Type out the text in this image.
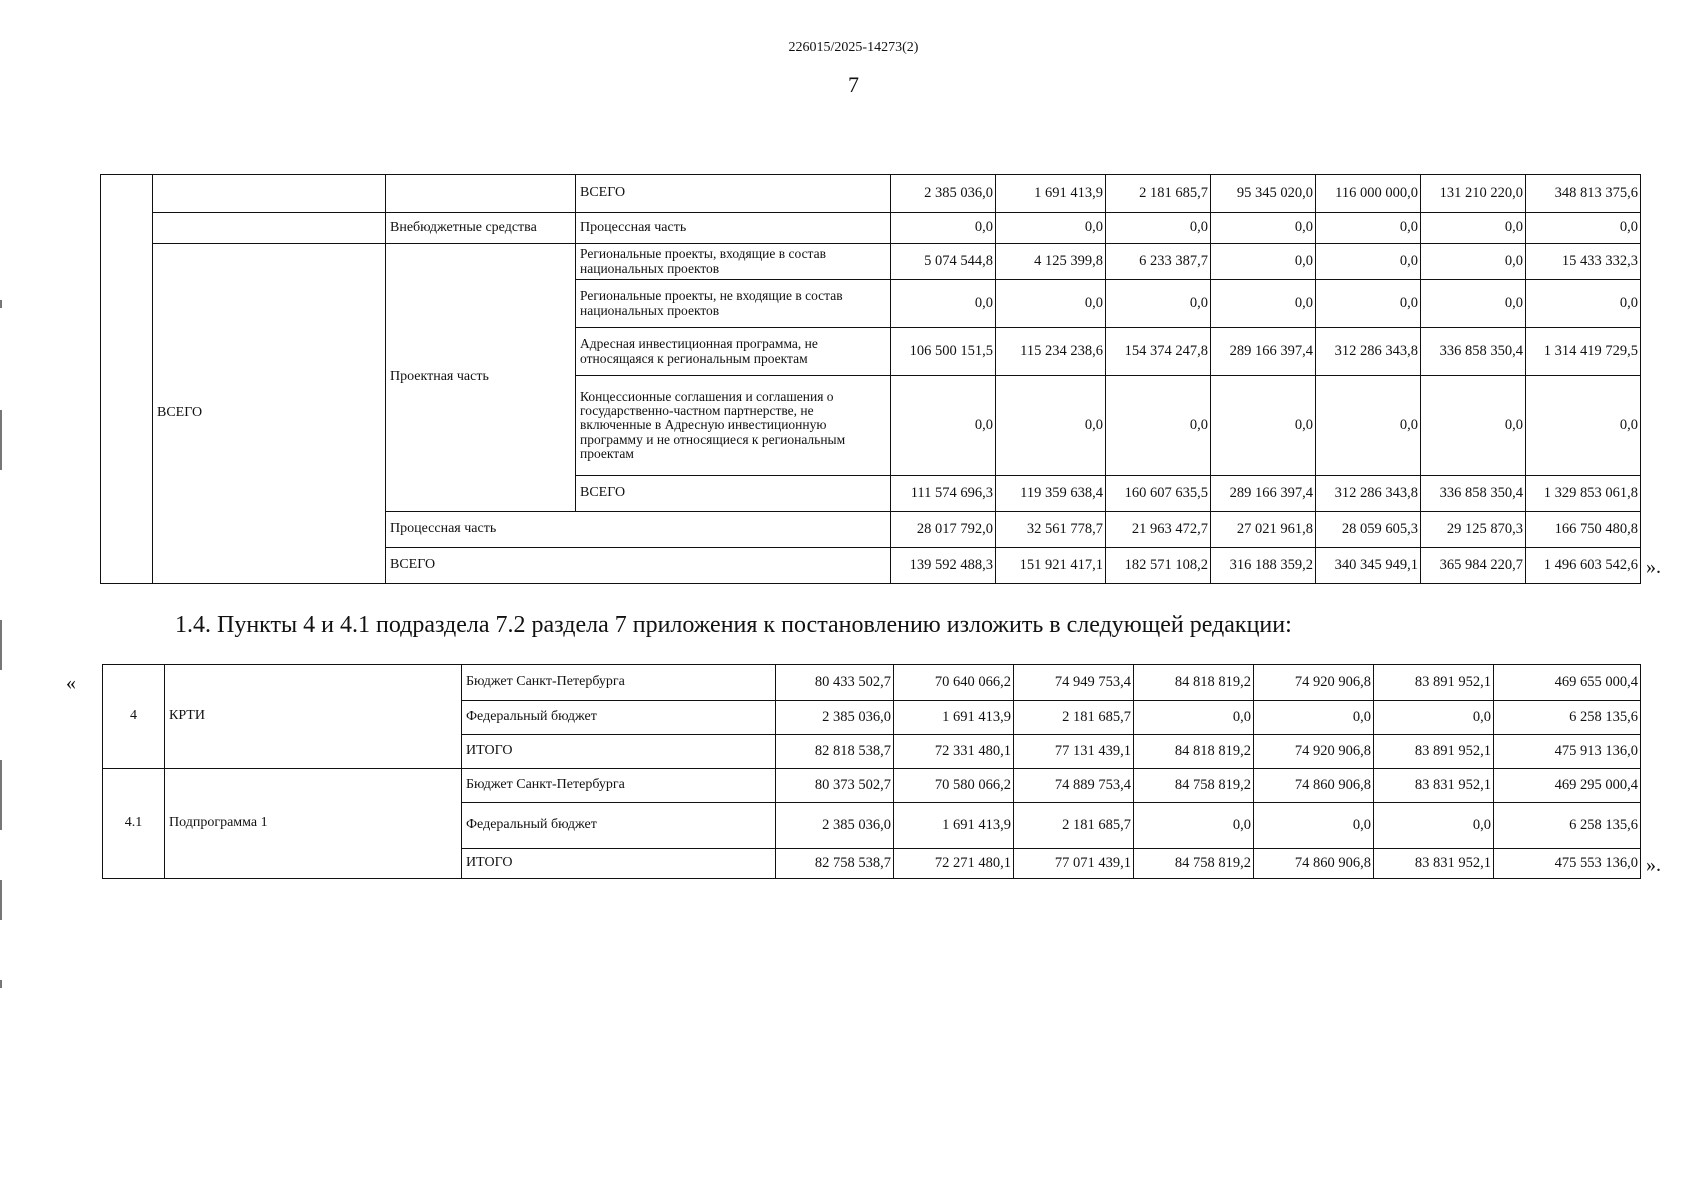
226015/2025-14273(2)
7
			ВСЕГО	2 385 036,0	1 691 413,9	2 181 685,7	95 345 020,0	116 000 000,0	131 210 220,0	348 813 375,6
		Внебюджетные средства	Процессная часть	0,0	0,0	0,0	0,0	0,0	0,0	0,0
	ВСЕГО	Проектная часть	Региональные проекты, входящие в состав национальных проектов	5 074 544,8	4 125 399,8	6 233 387,7	0,0	0,0	0,0	15 433 332,3
			Региональные проекты, не входящие в состав национальных проектов	0,0	0,0	0,0	0,0	0,0	0,0	0,0
			Адресная инвестиционная программа, не относящаяся к региональным проектам	106 500 151,5	115 234 238,6	154 374 247,8	289 166 397,4	312 286 343,8	336 858 350,4	1 314 419 729,5
			Концессионные соглашения и соглашения о государственно-частном партнерстве, не включенные в Адресную инвестиционную программу и не относящиеся к региональным проектам	0,0	0,0	0,0	0,0	0,0	0,0	0,0
			ВСЕГО	111 574 696,3	119 359 638,4	160 607 635,5	289 166 397,4	312 286 343,8	336 858 350,4	1 329 853 061,8
		Процессная часть		28 017 792,0	32 561 778,7	21 963 472,7	27 021 961,8	28 059 605,3	29 125 870,3	166 750 480,8
		ВСЕГО		139 592 488,3	151 921 417,1	182 571 108,2	316 188 359,2	340 345 949,1	365 984 220,7	1 496 603 542,6 ».
1.4. Пункты 4 и 4.1 подраздела 7.2 раздела 7 приложения к постановлению изложить в следующей редакции:
«
4	КРТИ	Бюджет Санкт-Петербурга	80 433 502,7	70 640 066,2	74 949 753,4	84 818 819,2	74 920 906,8	83 891 952,1	469 655 000,4
		Федеральный бюджет	2 385 036,0	1 691 413,9	2 181 685,7	0,0	0,0	0,0	6 258 135,6
		ИТОГО	82 818 538,7	72 331 480,1	77 131 439,1	84 818 819,2	74 920 906,8	83 891 952,1	475 913 136,0
4.1	Подпрограмма 1	Бюджет Санкт-Петербурга	80 373 502,7	70 580 066,2	74 889 753,4	84 758 819,2	74 860 906,8	83 831 952,1	469 295 000,4
		Федеральный бюджет	2 385 036,0	1 691 413,9	2 181 685,7	0,0	0,0	0,0	6 258 135,6
		ИТОГО	82 758 538,7	72 271 480,1	77 071 439,1	84 758 819,2	74 860 906,8	83 831 952,1	475 553 136,0 ».
